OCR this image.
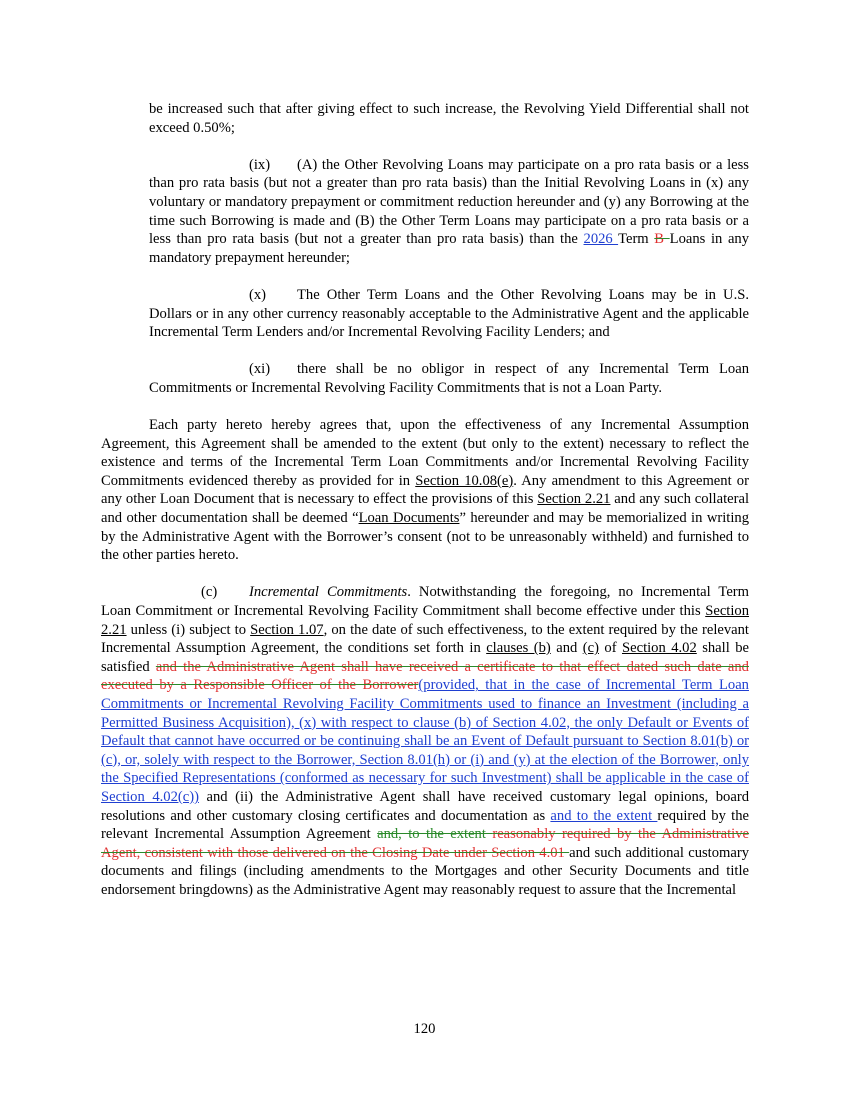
be increased such that after giving effect to such increase, the Revolving Yield Differential shall not exceed 0.50%;

(ix) (A) the Other Revolving Loans may participate on a pro rata basis or a less than pro rata basis (but not a greater than pro rata basis) than the Initial Revolving Loans in (x) any voluntary or mandatory prepayment or commitment reduction hereunder and (y) any Borrowing at the time such Borrowing is made and (B) the Other Term Loans may participate on a pro rata basis or a less than pro rata basis (but not a greater than pro rata basis) than the 2026 Term B Loans in any mandatory prepayment hereunder;

(x) The Other Term Loans and the Other Revolving Loans may be in U.S. Dollars or in any other currency reasonably acceptable to the Administrative Agent and the applicable Incremental Term Lenders and/or Incremental Revolving Facility Lenders; and

(xi) there shall be no obligor in respect of any Incremental Term Loan Commitments or Incremental Revolving Facility Commitments that is not a Loan Party.

Each party hereto hereby agrees that, upon the effectiveness of any Incremental Assumption Agreement, this Agreement shall be amended to the extent (but only to the extent) necessary to reflect the existence and terms of the Incremental Term Loan Commitments and/or Incremental Revolving Facility Commitments evidenced thereby as provided for in Section 10.08(e). Any amendment to this Agreement or any other Loan Document that is necessary to effect the provisions of this Section 2.21 and any such collateral and other documentation shall be deemed “Loan Documents” hereunder and may be memorialized in writing by the Administrative Agent with the Borrower’s consent (not to be unreasonably withheld) and furnished to the other parties hereto.

(c) Incremental Commitments. Notwithstanding the foregoing, no Incremental Term Loan Commitment or Incremental Revolving Facility Commitment shall become effective under this Section 2.21 unless (i) subject to Section 1.07, on the date of such effectiveness, to the extent required by the relevant Incremental Assumption Agreement, the conditions set forth in clauses (b) and (c) of Section 4.02 shall be satisfied and the Administrative Agent shall have received a certificate to that effect dated such date and executed by a Responsible Officer of the Borrower(provided, that in the case of Incremental Term Loan Commitments or Incremental Revolving Facility Commitments used to finance an Investment (including a Permitted Business Acquisition), (x) with respect to clause (b) of Section 4.02, the only Default or Events of Default that cannot have occurred or be continuing shall be an Event of Default pursuant to Section 8.01(b) or (c), or, solely with respect to the Borrower, Section 8.01(h) or (i) and (y) at the election of the Borrower, only the Specified Representations (conformed as necessary for such Investment) shall be applicable in the case of Section 4.02(c)) and (ii) the Administrative Agent shall have received customary legal opinions, board resolutions and other customary closing certificates and documentation as and to the extent required by the relevant Incremental Assumption Agreement and, to the extent reasonably required by the Administrative Agent, consistent with those delivered on the Closing Date under Section 4.01 and such additional customary documents and filings (including amendments to the Mortgages and other Security Documents and title endorsement bringdowns) as the Administrative Agent may reasonably request to assure that the Incremental

120
